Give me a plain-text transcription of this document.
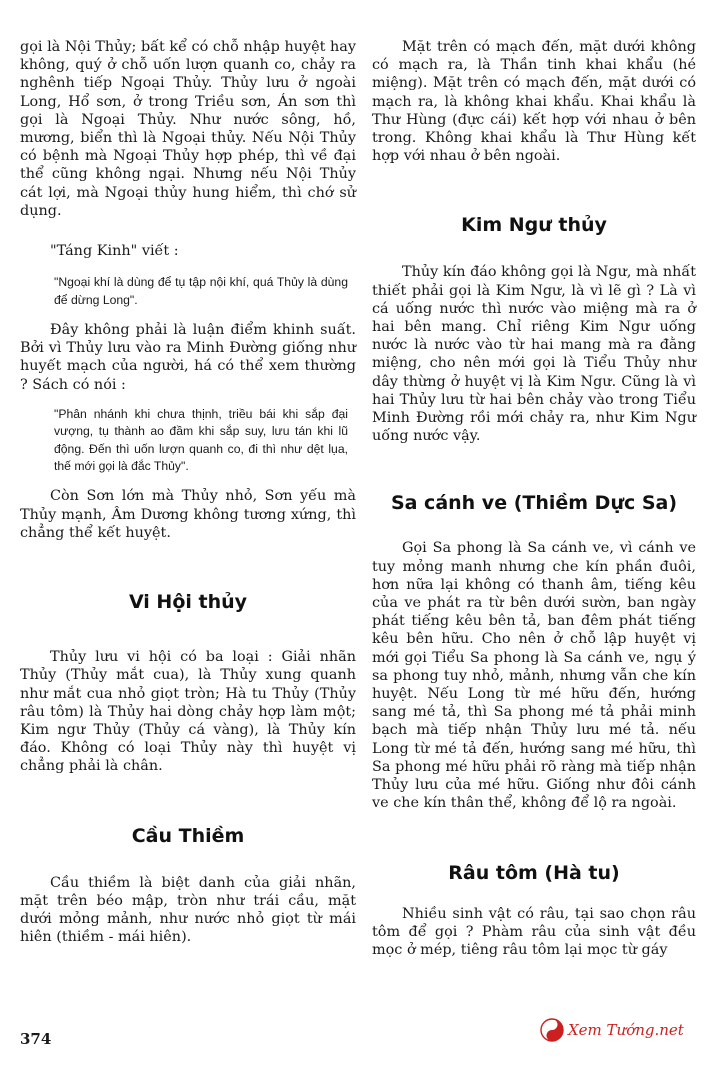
gọi là Nội Thủy; bất kể có chỗ nhập huyệt hay không, quý ở chỗ uốn lượn quanh co, chảy ra nghênh tiếp Ngoại Thủy. Thủy lưu ở ngoài Long, Hổ sơn, ở trong Triều sơn, Án sơn thì gọi là Ngoại Thủy. Như nước sông, hồ, mương, biển thì là Ngoại thủy. Nếu Nội Thủy có bệnh mà Ngoại Thủy hợp phép, thì về đại thể cũng không ngại. Nhưng nếu Nội Thủy cát lợi, mà Ngoại thủy hung hiểm, thì chớ sử dụng.

"Táng Kinh" viết :

"Ngoại khí là dùng để tụ tập nội khí, quá Thủy là dùng để dừng Long".

Đây không phải là luận điểm khinh suất. Bởi vì Thủy lưu vào ra Minh Đường giống như huyết mạch của người, há có thể xem thường ? Sách có nói :

"Phân nhánh khi chưa thịnh, triều bái khi sắp đại vượng, tụ thành ao đầm khi sắp suy, lưu tán khi lũ động. Đến thì uốn lượn quanh co, đi thì như dệt lụa, thế mới gọi là đắc Thủy".

Còn Sơn lớn mà Thủy nhỏ, Sơn yếu mà Thủy mạnh, Âm Dương không tương xứng, thì chẳng thể kết huyệt.

Vi Hội thủy

Thủy lưu vi hội có ba loại : Giải nhãn Thủy (Thủy mắt cua), là Thủy xung quanh như mắt cua nhỏ giọt tròn; Hà tu Thủy (Thủy râu tôm) là Thủy hai dòng chảy hợp làm một; Kim ngư Thủy (Thủy cá vàng), là Thủy kín đáo. Không có loại Thủy này thì huyệt vị chẳng phải là chân.

Cầu Thiềm

Cầu thiềm là biệt danh của giải nhãn, mặt trên béo mập, tròn như trái cầu, mặt dưới mỏng mảnh, như nước nhỏ giọt từ mái hiên (thiềm - mái hiên).

Mặt trên có mạch đến, mặt dưới không có mạch ra, là Thần tinh khai khẩu (hé miệng). Mặt trên có mạch đến, mặt dưới có mạch ra, là không khai khẩu. Khai khẩu là Thư Hùng (đực cái) kết hợp với nhau ở bên trong. Không khai khẩu là Thư Hùng kết hợp với nhau ở bên ngoài.

Kim Ngư thủy

Thủy kín đáo không gọi là Ngư, mà nhất thiết phải gọi là Kim Ngư, là vì lẽ gì ? Là vì cá uống nước thì nước vào miệng mà ra ở hai bên mang. Chỉ riêng Kim Ngư uống nước là nước vào từ hai mang mà ra đằng miệng, cho nên mới gọi là Tiểu Thủy như dây thừng ở huyệt vị là Kim Ngư. Cũng là vì hai Thủy lưu từ hai bên chảy vào trong Tiểu Minh Đường rồi mới chảy ra, như Kim Ngư uống nước vậy.

Sa cánh ve (Thiềm Dực Sa)

Gọi Sa phong là Sa cánh ve, vì cánh ve tuy mỏng manh nhưng che kín phần đuôi, hơn nữa lại không có thanh âm, tiếng kêu của ve phát ra từ bên dưới sườn, ban ngày phát tiếng kêu bên tả, ban đêm phát tiếng kêu bên hữu. Cho nên ở chỗ lập huyệt vị mới gọi Tiểu Sa phong là Sa cánh ve, ngụ ý sa phong tuy nhỏ, mảnh, nhưng vẫn che kín huyệt. Nếu Long từ mé hữu đến, hướng sang mé tả, thì Sa phong mé tả phải minh bạch mà tiếp nhận Thủy lưu mé tả. nếu Long từ mé tả đến, hướng sang mé hữu, thì Sa phong mé hữu phải rõ ràng mà tiếp nhận Thủy lưu của mé hữu. Giống như đôi cánh ve che kín thân thể, không để lộ ra ngoài.

Râu tôm (Hà tu)

Nhiều sinh vật có râu, tại sao chọn râu tôm để gọi ? Phàm râu của sinh vật đều mọc ở mép, tiêng râu tôm lại mọc từ gáy

374	Xem Tướng.net
